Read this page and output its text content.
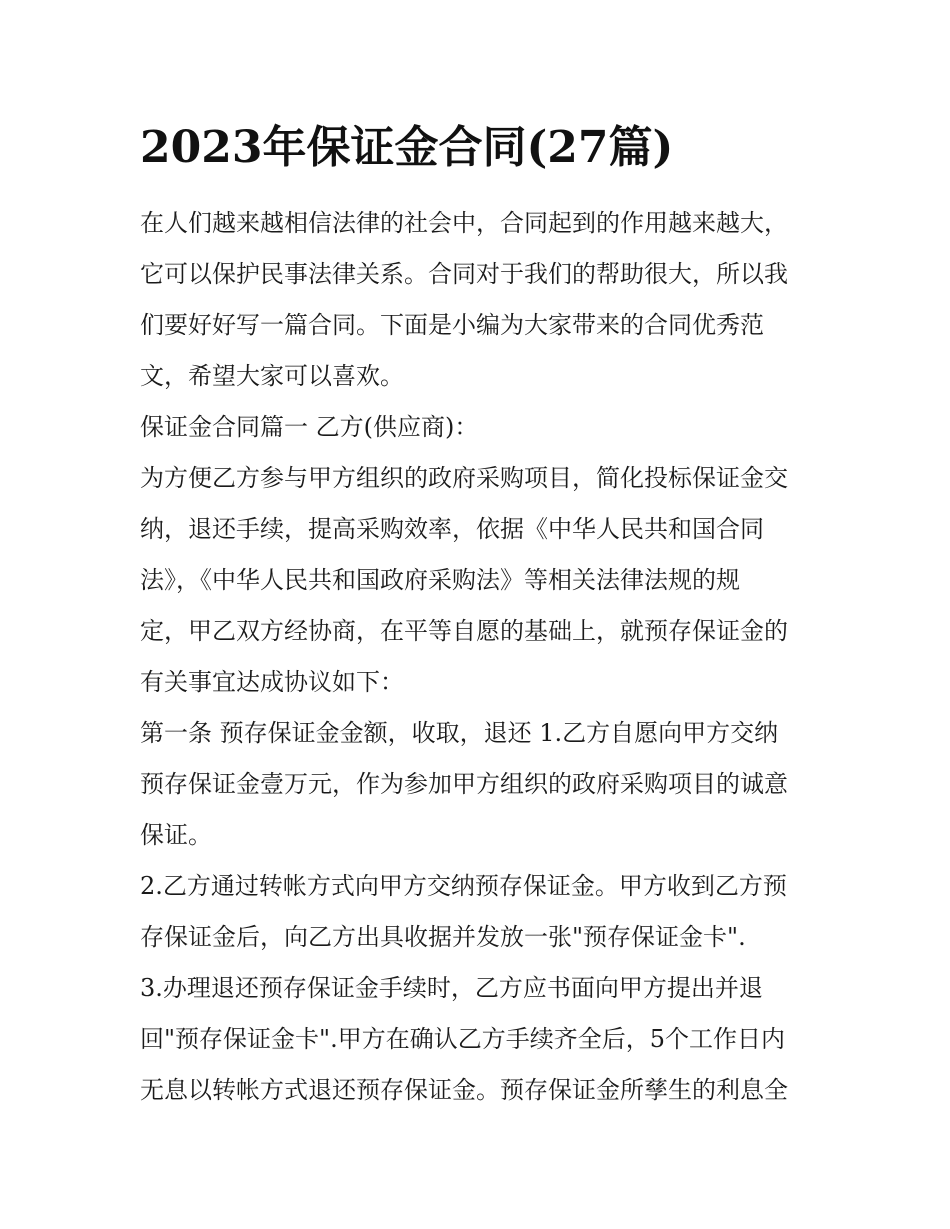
2023年保证金合同(27篇)

在人们越来越相信法律的社会中，合同起到的作用越来越大，

它可以保护民事法律关系。合同对于我们的帮助很大，所以我

们要好好写一篇合同。下面是小编为大家带来的合同优秀范

文，希望大家可以喜欢。

保证金合同篇一 乙方(供应商)：

为方便乙方参与甲方组织的政府采购项目，简化投标保证金交

纳，退还手续，提高采购效率，依据《中华人民共和国合同

法》，《中华人民共和国政府采购法》等相关法律法规的规

定，甲乙双方经协商，在平等自愿的基础上，就预存保证金的

有关事宜达成协议如下：

第一条 预存保证金金额，收取，退还 1.乙方自愿向甲方交纳

预存保证金壹万元，作为参加甲方组织的政府采购项目的诚意

保证。

2.乙方通过转帐方式向甲方交纳预存保证金。甲方收到乙方预

存保证金后，向乙方出具收据并发放一张"预存保证金卡".

3.办理退还预存保证金手续时，乙方应书面向甲方提出并退

回"预存保证金卡".甲方在确认乙方手续齐全后，5个工作日内

无息以转帐方式退还预存保证金。预存保证金所孳生的利息全
